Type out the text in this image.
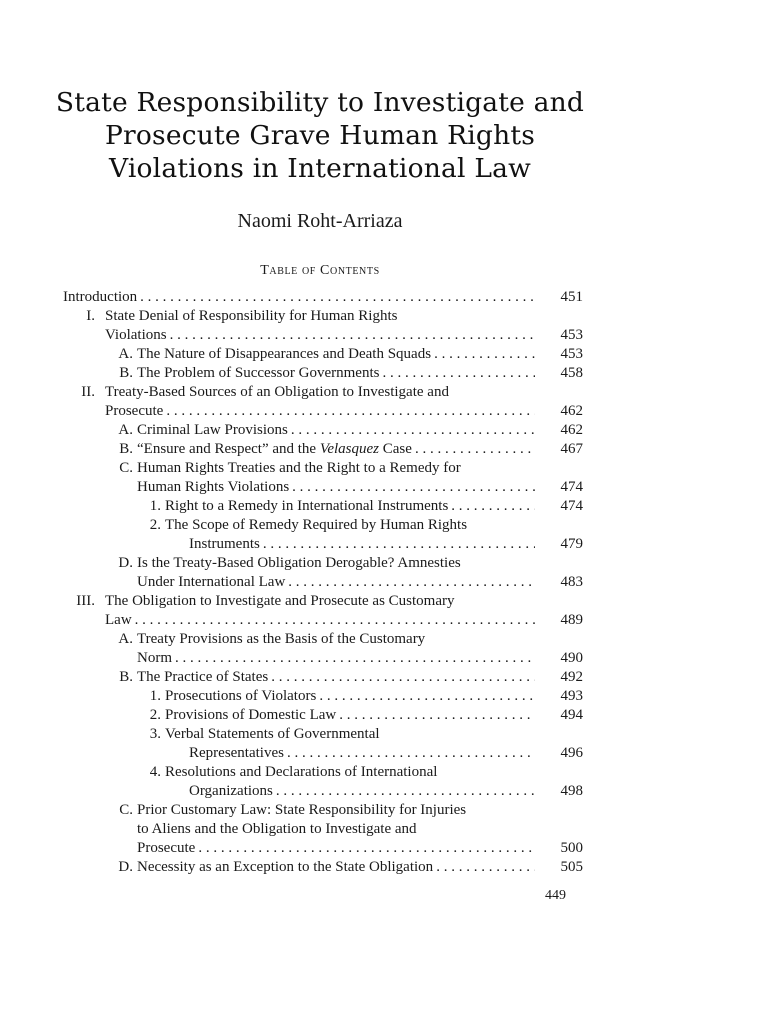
State Responsibility to Investigate and
Prosecute Grave Human Rights
Violations in International Law
Naomi Roht-Arriaza
Table of Contents
Introduction . . .	451
I. State Denial of Responsibility for Human Rights
Violations . . .	453
A. The Nature of Disappearances and Death Squads . . .	453
B. The Problem of Successor Governments . . .	458
II. Treaty-Based Sources of an Obligation to Investigate and
Prosecute . . .	462
A. Criminal Law Provisions . . .	462
B. “Ensure and Respect” and the Velasquez Case . . .	467
C. Human Rights Treaties and the Right to a Remedy for
Human Rights Violations . . .	474
1. Right to a Remedy in International Instruments . . .	474
2. The Scope of Remedy Required by Human Rights
Instruments . . .	479
D. Is the Treaty-Based Obligation Derogable? Amnesties
Under International Law . . .	483
III. The Obligation to Investigate and Prosecute as Customary
Law . . .	489
A. Treaty Provisions as the Basis of the Customary
Norm . . .	490
B. The Practice of States . . .	492
1. Prosecutions of Violators . . .	493
2. Provisions of Domestic Law . . .	494
3. Verbal Statements of Governmental
Representatives . . .	496
4. Resolutions and Declarations of International
Organizations . . .	498
C. Prior Customary Law: State Responsibility for Injuries
to Aliens and the Obligation to Investigate and
Prosecute . . .	500
D. Necessity as an Exception to the State Obligation . . .	505
449
